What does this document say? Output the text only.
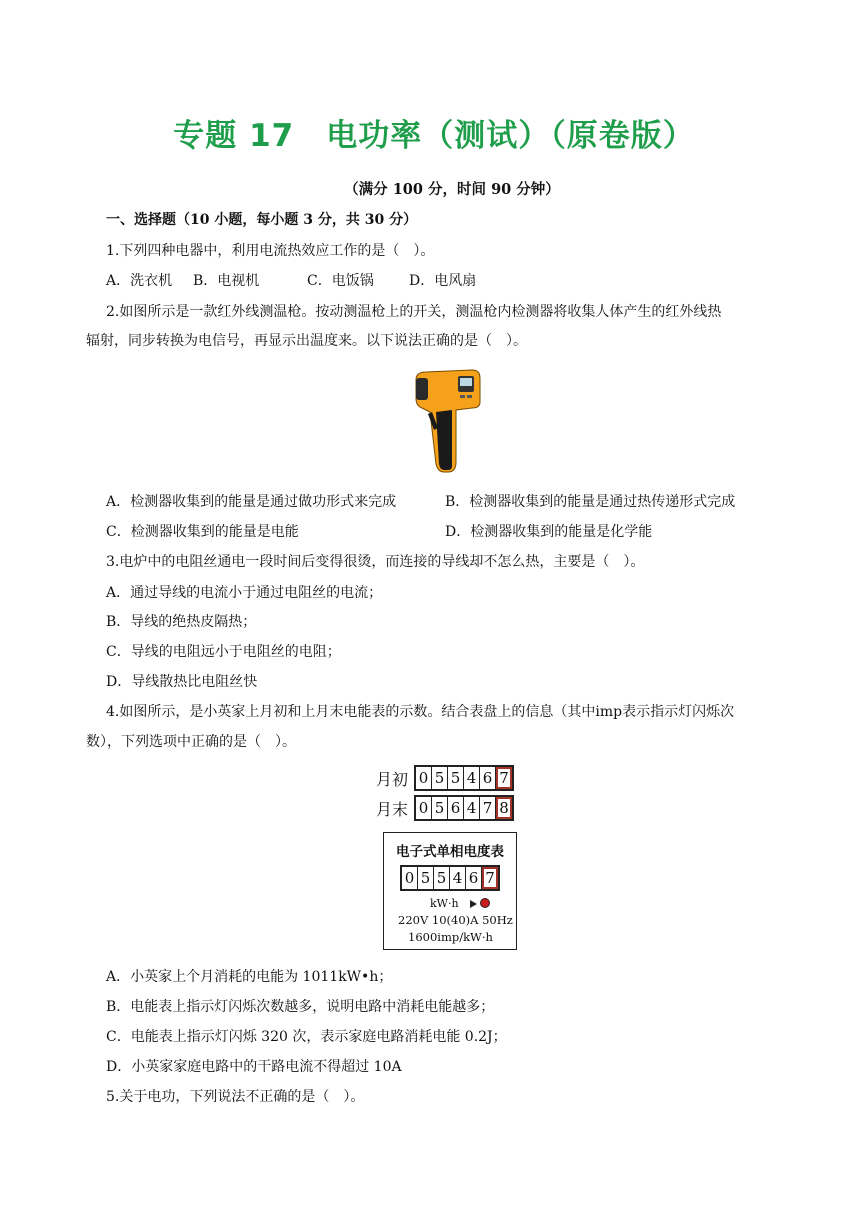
专题 17　电功率（测试）（原卷版）
（满分 100 分，时间 90 分钟）
一、选择题（10 小题，每小题 3 分，共 30 分）
1.下列四种电器中，利用电流热效应工作的是（　）。
A．洗衣机 B．电视机	C．电饭锅	D．电风扇
2.如图所示是一款红外线测温枪。按动测温枪上的开关，测温枪内检测器将收集人体产生的红外线热
辐射，同步转换为电信号，再显示出温度来。以下说法正确的是（　）。
A．检测器收集到的能量是通过做功形式来完成	B．检测器收集到的能量是通过热传递形式完成
C．检测器收集到的能量是电能	D．检测器收集到的能量是化学能
3.电炉中的电阻丝通电一段时间后变得很烫，而连接的导线却不怎么热，主要是（　）。
A．通过导线的电流小于通过电阻丝的电流；
B．导线的绝热皮隔热；
C．导线的电阻远小于电阻丝的电阻；
D．导线散热比电阻丝快
4.如图所示，是小英家上月初和上月末电能表的示数。结合表盘上的信息（其中imp表示指示灯闪烁次
数），下列选项中正确的是（　）。
月初 0 5 5 4 6 7
月末 0 5 6 4 7 8
电子式单相电度表
0 5 5 4 6 7
kW·h
220V 10(40)A 50Hz
1600imp/kW·h
A．小英家上个月消耗的电能为 1011kW•h；
B．电能表上指示灯闪烁次数越多，说明电路中消耗电能越多；
C．电能表上指示灯闪烁 320 次，表示家庭电路消耗电能 0.2J；
D．小英家家庭电路中的干路电流不得超过 10A
5.关于电功，下列说法不正确的是（　）。
